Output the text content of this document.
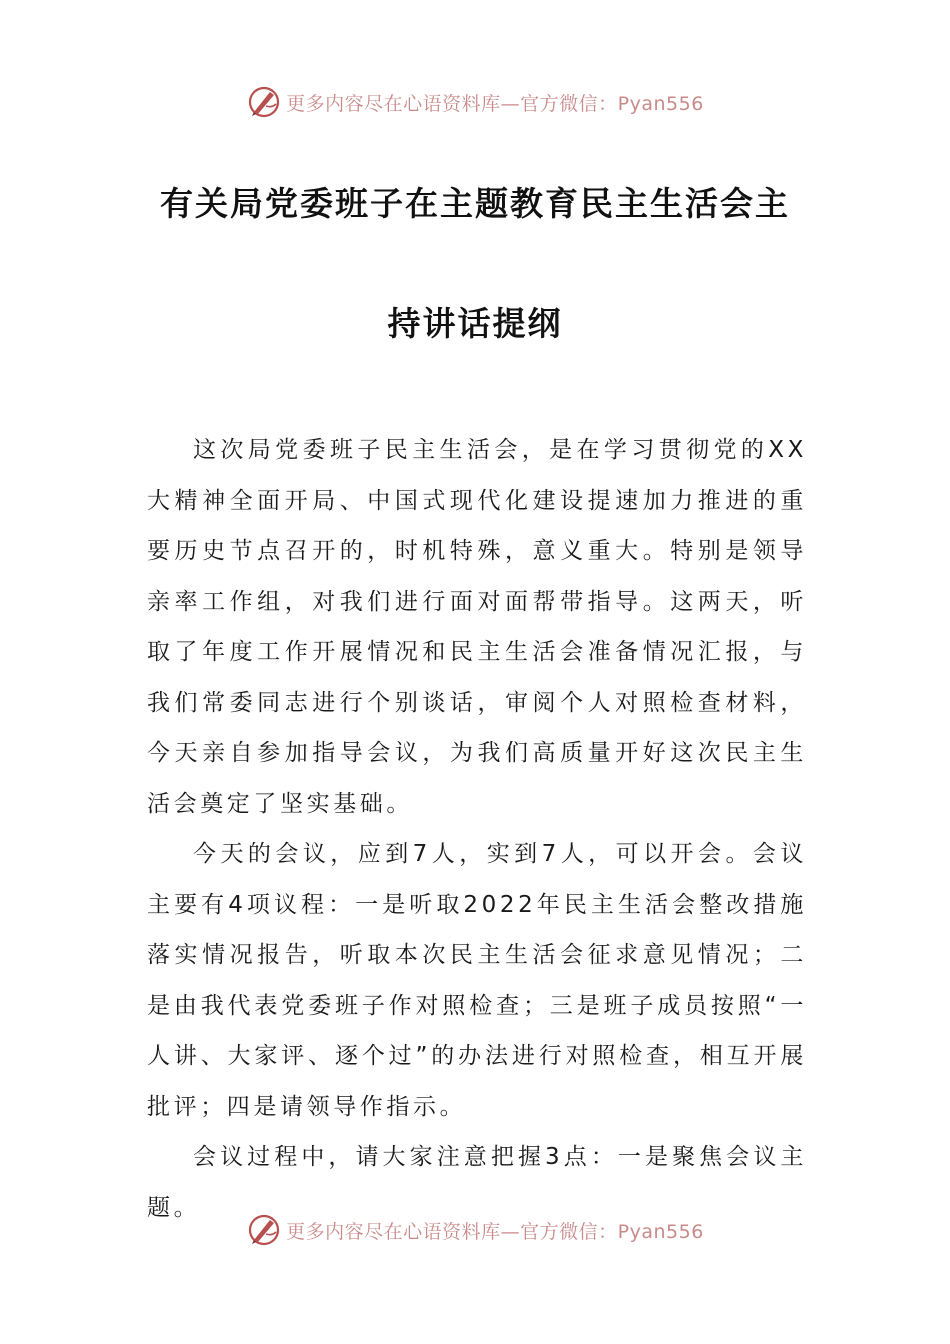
更多内容尽在心语资料库—官方微信：Pyan556
有关局党委班子在主题教育民主生活会主
持讲话提纲

这次局党委班子民主生活会，是在学习贯彻党的XX大精神全面开局、中国式现代化建设提速加力推进的重要历史节点召开的，时机特殊，意义重大。特别是领导亲率工作组，对我们进行面对面帮带指导。这两天，听取了年度工作开展情况和民主生活会准备情况汇报，与我们常委同志进行个别谈话，审阅个人对照检查材料，今天亲自参加指导会议，为我们高质量开好这次民主生活会奠定了坚实基础。

今天的会议，应到7人，实到7人，可以开会。会议主要有4项议程：一是听取2022年民主生活会整改措施落实情况报告，听取本次民主生活会征求意见情况；二是由我代表党委班子作对照检查；三是班子成员按照“一人讲、大家评、逐个过”的办法进行对照检查，相互开展批评；四是请领导作指示。

会议过程中，请大家注意把握3点：一是聚焦会议主题。

更多内容尽在心语资料库—官方微信：Pyan556
